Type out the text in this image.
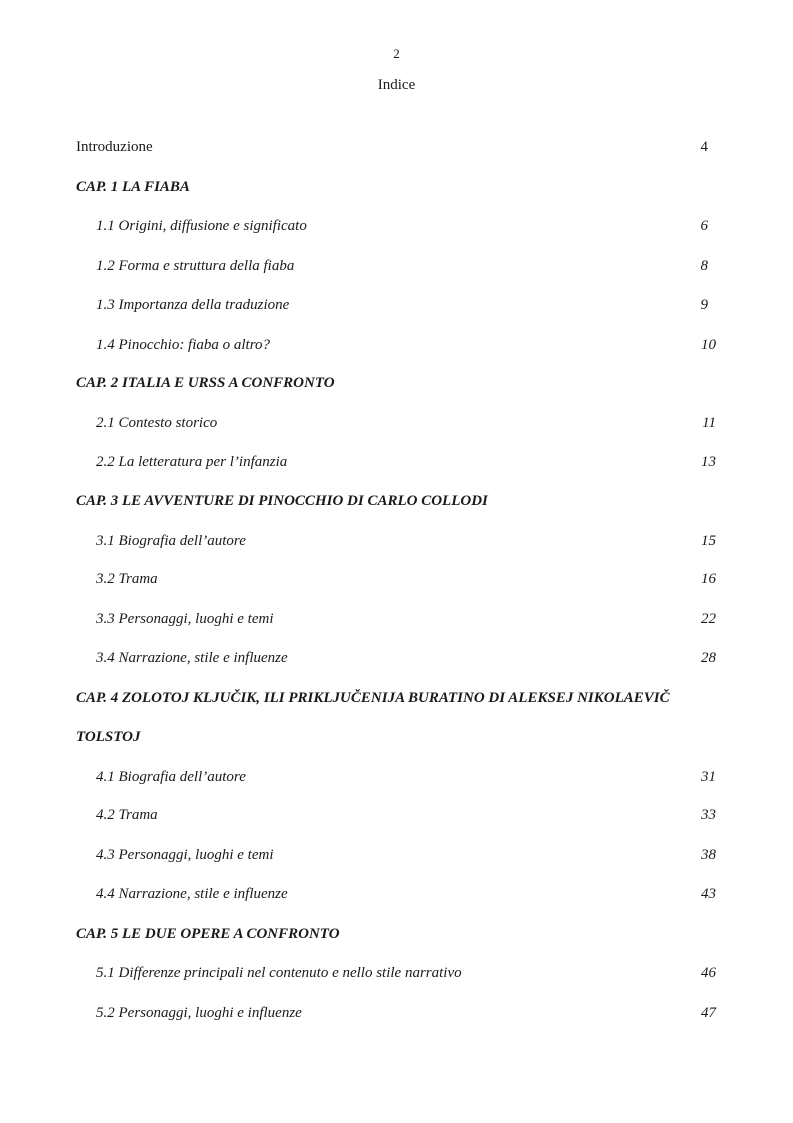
2
Indice
Introduzione	4
CAP. 1 LA FIABA
1.1 Origini, diffusione e significato	6
1.2 Forma e struttura della fiaba	8
1.3 Importanza della traduzione	9
1.4 Pinocchio: fiaba o altro?	10
CAP. 2 ITALIA E URSS A CONFRONTO
2.1 Contesto storico	11
2.2 La letteratura per l’infanzia	13
CAP. 3 LE AVVENTURE DI PINOCCHIO DI CARLO COLLODI
3.1 Biografia dell’autore	15
3.2 Trama	16
3.3 Personaggi, luoghi e temi	22
3.4 Narrazione, stile e influenze	28
CAP. 4 ZOLOTOJ KLJUČIK, ILI PRIKLJUČENIJA BURATINO DI ALEKSEJ NIKOLAEVIČ
TOLSTOJ
4.1 Biografia dell’autore	31
4.2 Trama	33
4.3 Personaggi, luoghi e temi	38
4.4 Narrazione, stile e influenze	43
CAP. 5 LE DUE OPERE A CONFRONTO
5.1 Differenze principali nel contenuto e nello stile narrativo	46
5.2 Personaggi, luoghi e influenze	47
